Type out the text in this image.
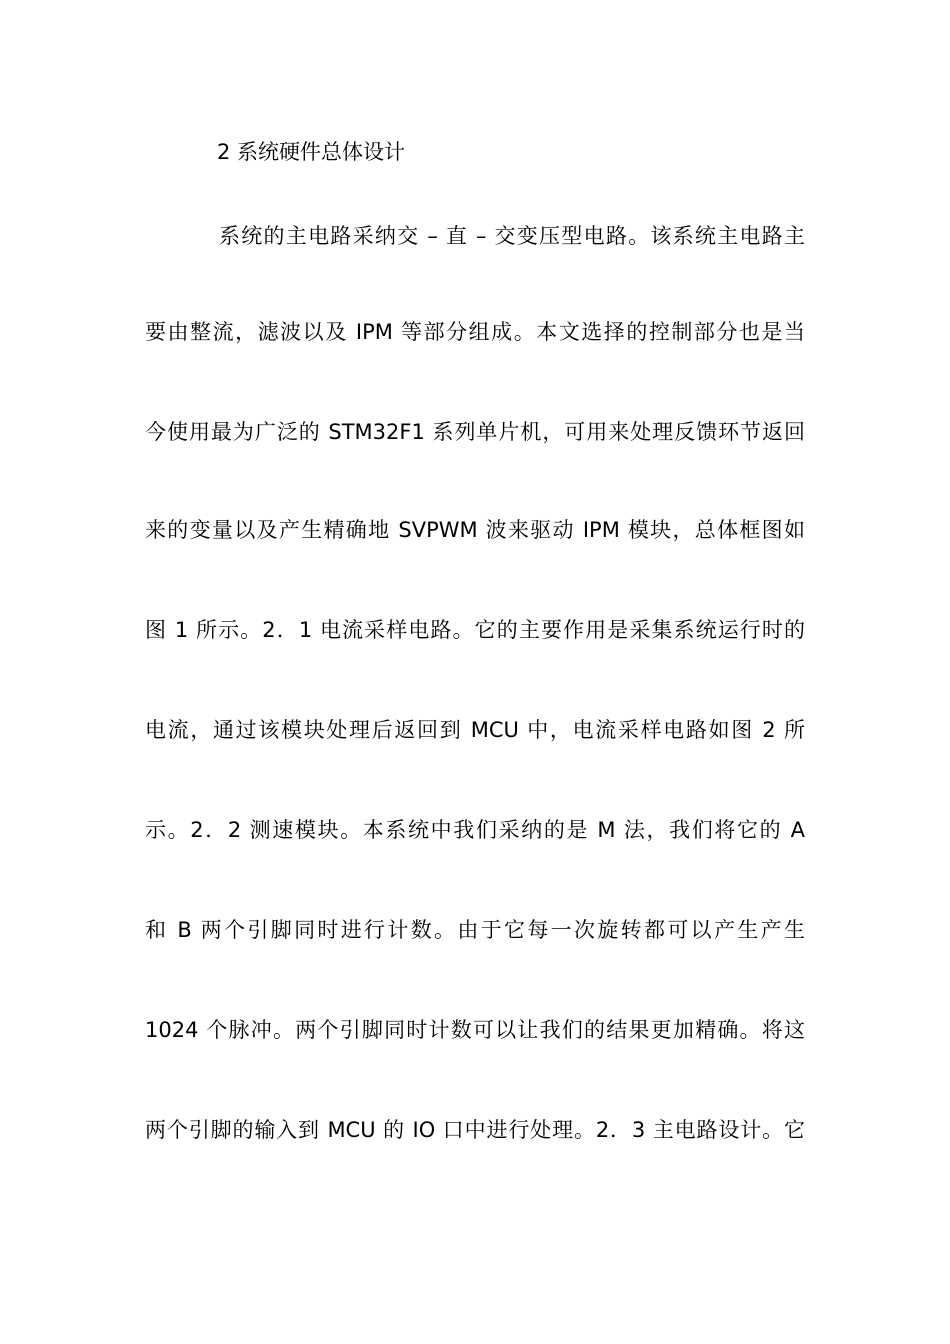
2 系统硬件总体设计
系统的主电路采纳交 – 直 – 交变压型电路。该系统主电路主
要由整流，滤波以及 IPM 等部分组成。本文选择的控制部分也是当
今使用最为广泛的 STM32F1 系列单片机，可用来处理反馈环节返回
来的变量以及产生精确地 SVPWM 波来驱动 IPM 模块，总体框图如
图 1 所示。2．1 电流采样电路。它的主要作用是采集系统运行时的
电流，通过该模块处理后返回到 MCU 中，电流采样电路如图 2 所
示。2．2 测速模块。本系统中我们采纳的是 M 法，我们将它的 A
和 B 两个引脚同时进行计数。由于它每一次旋转都可以产生产生
1024 个脉冲。两个引脚同时计数可以让我们的结果更加精确。将这
两个引脚的输入到 MCU 的 IO 口中进行处理。2．3 主电路设计。它
